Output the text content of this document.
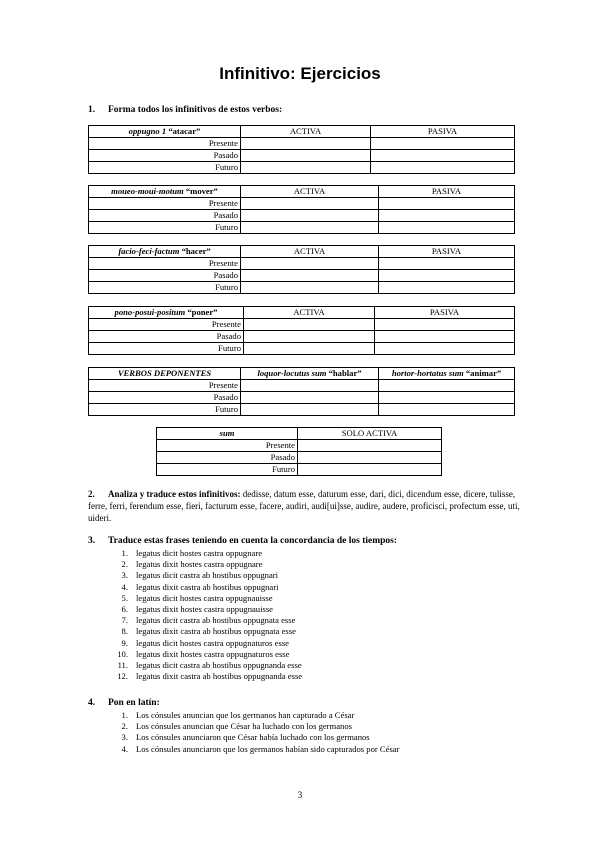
Infinitivo: Ejercicios
1. Forma todos los infinitivos de estos verbos:
oppugno 1 “atacar”	ACTIVA	PASIVA
Presente		
Pasado		
Futuro		
moueo-moui-motum “mover”	ACTIVA	PASIVA
Presente		
Pasado		
Futuro		
facio-feci-factum “hacer”	ACTIVA	PASIVA
Presente		
Pasado		
Futuro		
pono-posui-positum “poner”	ACTIVA	PASIVA
Presente		
Pasado		
Futuro		
VERBOS DEPONENTES	loquor-locutus sum “hablar”	hortor-hortatus sum “animar”
Presente		
Pasado		
Futuro		
sum	SOLO ACTIVA
Presente	
Pasado	
Futuro	
2. Analiza y traduce estos infinitivos: dedisse, datum esse, daturum esse, dari, dici, dicendum esse, dicere, tulisse, ferre, ferri, ferendum esse, fieri, facturum esse, facere, audiri, audi[ui]sse, audire, audere, proficisci, profectum esse, uti, uideri.
3. Traduce estas frases teniendo en cuenta la concordancia de los tiempos:
1. legatus dicit hostes castra oppugnare
2. legatus dixit hostes castra oppugnare
3. legatus dicit castra ab hostibus oppugnari
4. legatus dixit castra ab hostibus oppugnari
5. legatus dicit hostes castra oppugnauisse
6. legatus dixit hostes castra oppugnauisse
7. legatus dicit castra ab hostibus oppugnata esse
8. legatus dixit castra ab hostibus oppugnata esse
9. legatus dicit hostes castra oppugnaturos esse
10. legatus dixit hostes castra oppugnaturos esse
11. legatus dicit castra ab hostibus oppugnanda esse
12. legatus dixit castra ab hostibus oppugnanda esse
4. Pon en latín:
1. Los cónsules anuncian que los germanos han capturado a César
2. Los cónsules anuncian que César ha luchado con los germanos
3. Los cónsules anunciaron que César había luchado con los germanos
4. Los cónsules anunciaron que los germanos habían sido capturados por César
3
